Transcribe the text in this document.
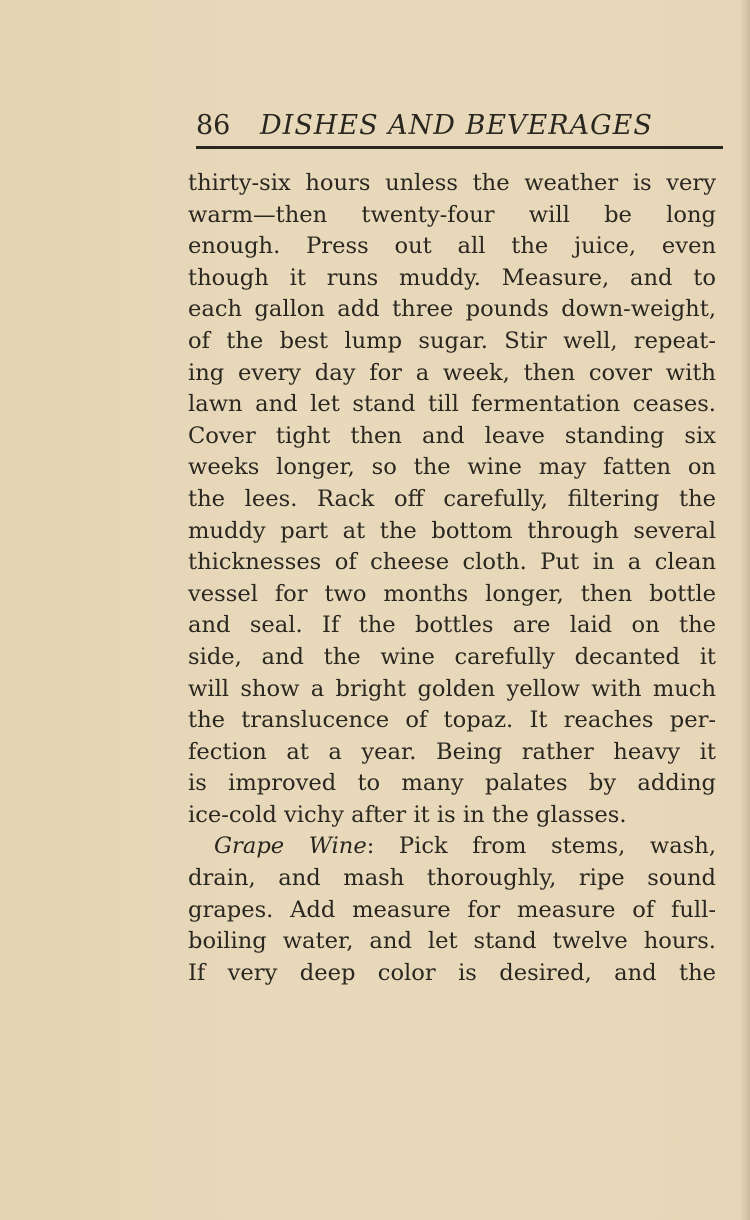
86 DISHES AND BEVERAGES
thirty-six hours unless the weather is very
warm—then twenty-four will be long
enough. Press out all the juice, even
though it runs muddy. Measure, and to
each gallon add three pounds down-weight,
of the best lump sugar. Stir well, repeat-
ing every day for a week, then cover with
lawn and let stand till fermentation ceases.
Cover tight then and leave standing six
weeks longer, so the wine may fatten on
the lees. Rack off carefully, filtering the
muddy part at the bottom through several
thicknesses of cheese cloth. Put in a clean
vessel for two months longer, then bottle
and seal. If the bottles are laid on the
side, and the wine carefully decanted it
will show a bright golden yellow with much
the translucence of topaz. It reaches per-
fection at a year. Being rather heavy it
is improved to many palates by adding
ice-cold vichy after it is in the glasses.
Grape Wine: Pick from stems, wash,
drain, and mash thoroughly, ripe sound
grapes. Add measure for measure of full-
boiling water, and let stand twelve hours.
If very deep color is desired, and the
